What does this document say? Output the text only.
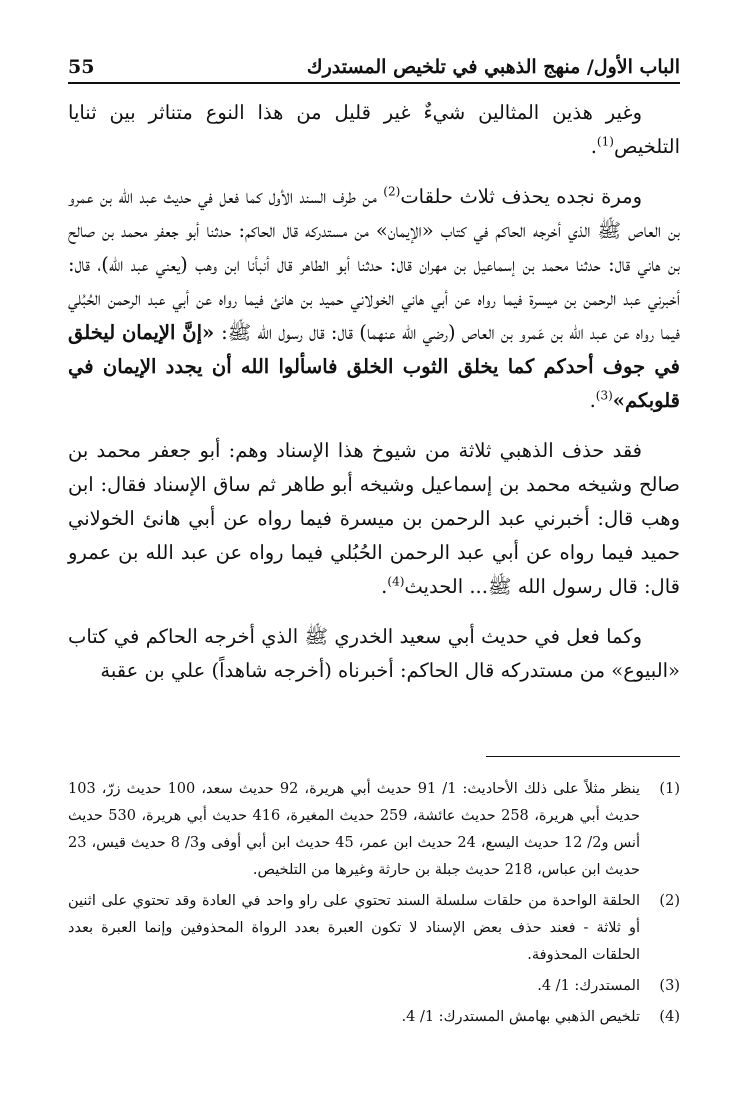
الباب الأول/ منهج الذهبي في تلخيص المستدرك
55

وغير هذين المثالين شيءٌ غير قليل من هذا النوع متناثر بين ثنايا التلخيص$^{(1)}$.

ومرة نجده يحذف ثلاث حلقات$^{(2)}$ من طرف السند الأول كما فعل في حديث عبد الله بن عمرو بن العاص ﷺ الذي أخرجه الحاكم في كتاب «الإيمان» من مستدركه قال الحاكم: حدثنا أبو جعفر محمد بن صالح بن هاني قال: حدثنا محمد بن إسماعيل بن مهران قال: حدثنا أبو الطاهر قال أنبأنا ابن وهب (يعني عبد الله)، قال: أخبرني عبد الرحمن بن ميسرة فيما رواه عن أبي هاني الخولاني حميد بن هانئ فيما رواه عن أبي عبد الرحمن الحُبُلي فيما رواه عن عبد الله بن عَمرو بن العاص (رضي الله عنهما) قال: قال رسول الله ﷺ: «إنَّ الإيمان ليخلق في جوف أحدكم كما يخلق الثوب الخلق فاسألوا الله أن يجدد الإيمان في قلوبكم»$^{(3)}$.

فقد حذف الذهبي ثلاثة من شيوخ هذا الإسناد وهم: أبو جعفر محمد بن صالح وشيخه محمد بن إسماعيل وشيخه أبو طاهر ثم ساق الإسناد فقال: ابن وهب قال: أخبرني عبد الرحمن بن ميسرة فيما رواه عن أبي هانئ الخولاني حميد فيما رواه عن أبي عبد الرحمن الحُبُلي فيما رواه عن عبد الله بن عمرو قال: قال رسول الله ﷺ... الحديث$^{(4)}$.

وكما فعل في حديث أبي سعيد الخدري ﷺ الذي أخرجه الحاكم في كتاب «البيوع» من مستدركه قال الحاكم: أخبرناه (أخرجه شاهداً) علي بن عقبة

(1)
ينظر مثلاً على ذلك الأحاديث: 1/ 91 حديث أبي هريرة، 92 حديث سعد، 100 حديث زرّ، 103 حديث أبي هريرة، 258 حديث عائشة، 259 حديث المغيرة، 416 حديث أبي هريرة، 530 حديث أنس و2/ 12 حديث اليسع، 24 حديث ابن عمر، 45 حديث ابن أبي أوفى و3/ 8 حديث قيس، 23 حديث ابن عباس، 218 حديث جبلة بن حارثة وغيرها من التلخيص.
(2)
الحلقة الواحدة من حلقات سلسلة السند تحتوي على راو واحد في العادة وقد تحتوي على اثنين أو ثلاثة - فعند حذف بعض الإسناد لا تكون العبرة بعدد الرواة المحذوفين وإنما العبرة بعدد الحلقات المحذوفة.
(3)
المستدرك: 1/ 4.
(4)
تلخيص الذهبي بهامش المستدرك: 1/ 4.
